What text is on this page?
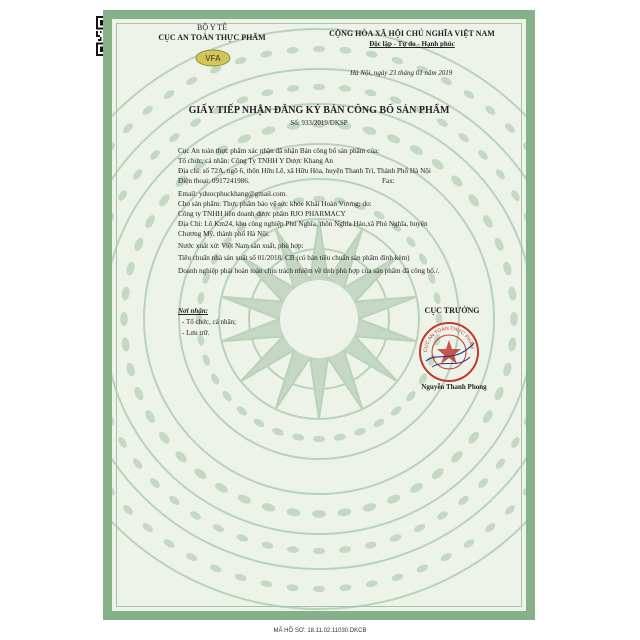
BỘ Y TẾ
CỤC AN TOÀN THỰC PHẨM
VFA
CỘNG HÒA XÃ HỘI CHỦ NGHĨA VIỆT NAM
Độc lập - Tự do - Hạnh phúc
Hà Nội, ngày 23 tháng 01 năm 2019
GIẤY TIẾP NHẬN ĐĂNG KÝ BẢN CÔNG BỐ SẢN PHẨM
Số: 933/2019/ĐKSP
Cục An toàn thực phẩm xác nhận đã nhận Bản công bố sản phẩm của:
Tổ chức, cá nhân: Công Ty TNHH Y Dược Khang An
Địa chỉ: số 72A, ngõ 6, thôn Hữu Lê, xã Hữu Hòa, huyện Thanh Trì, Thành Phố Hà Nội
Điện thoại: 0917241986.	Fax:
Email: yduocphuckhang@gmail.com.
Cho sản phẩm: Thực phẩm bảo vệ sức khỏe Khải Hoàn Vương; do:
Công ty TNHH liên doanh dược phẩm RJO PHARMACY
Địa Chỉ: Lô Km24, khu công nghiệp Phú Nghĩa, thôn Nghĩa Hảo,xã Phú Nghĩa, huyện
Chương Mỹ, thành phố Hà Nội.
Nước xuất xứ: Việt Nam sản xuất, phù hợp:
Tiêu chuẩn nhà sản xuất số 01/2018/ CB (có bản tiêu chuẩn sản phẩm đính kèm)
Doanh nghiệp phải hoàn toàn chịu trách nhiệm về tính phù hợp của sản phẩm đã công bố./.
Nơi nhận:
- Tổ chức, cá nhân;
- Lưu trữ.
CỤC TRƯỞNG
CỤC AN TOÀN THỰC PHẨM
Nguyễn Thanh Phong
MÃ HỒ SƠ: 18.11.02.11030.DKCB
